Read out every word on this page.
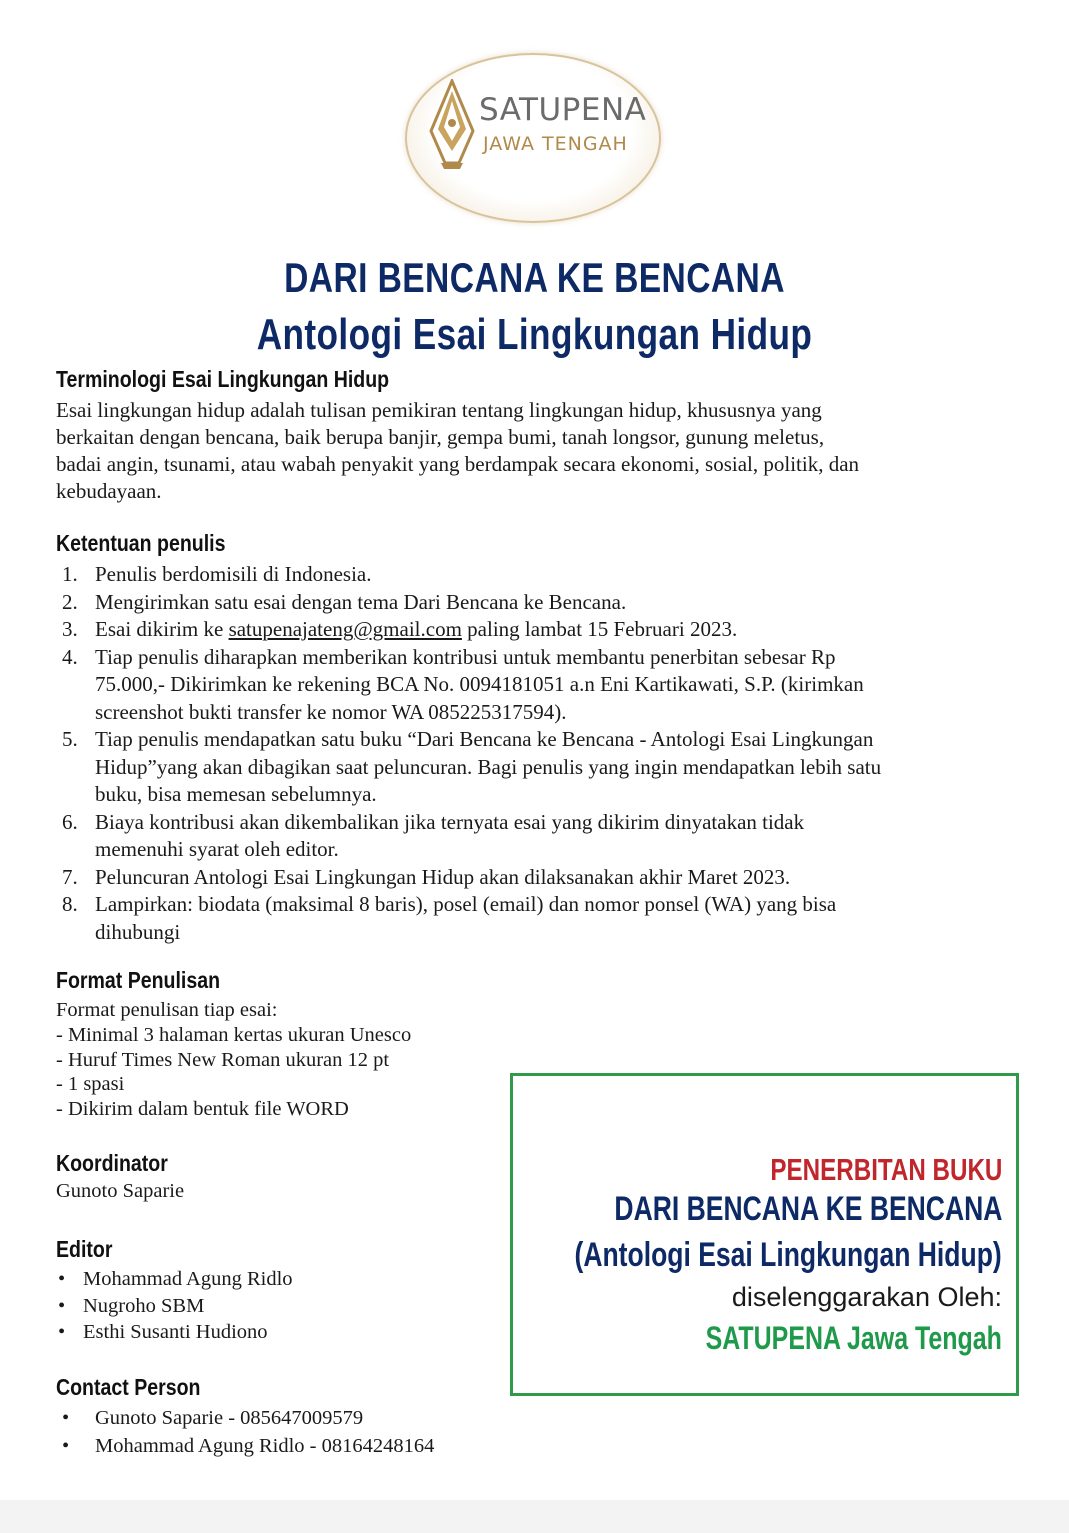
SATUPENA
JAWA TENGAH
DARI BENCANA KE BENCANA
Antologi Esai Lingkungan Hidup
Terminologi Esai Lingkungan Hidup
Esai lingkungan hidup adalah tulisan pemikiran tentang lingkungan hidup, khususnya yang
berkaitan dengan bencana, baik berupa banjir, gempa bumi, tanah longsor, gunung meletus,
badai angin, tsunami, atau wabah penyakit yang berdampak secara ekonomi, sosial, politik, dan
kebudayaan.
Ketentuan penulis
1. Penulis berdomisili di Indonesia.
2. Mengirimkan satu esai dengan tema Dari Bencana ke Bencana.
3. Esai dikirim ke satupenajateng@gmail.com paling lambat 15 Februari 2023.
4. Tiap penulis diharapkan memberikan kontribusi untuk membantu penerbitan sebesar Rp
75.000,- Dikirimkan ke rekening BCA No. 0094181051 a.n Eni Kartikawati, S.P. (kirimkan
screenshot bukti transfer ke nomor WA 085225317594).
5. Tiap penulis mendapatkan satu buku “Dari Bencana ke Bencana - Antologi Esai Lingkungan
Hidup”yang akan dibagikan saat peluncuran. Bagi penulis yang ingin mendapatkan lebih satu
buku, bisa memesan sebelumnya.
6. Biaya kontribusi akan dikembalikan jika ternyata esai yang dikirim dinyatakan tidak
memenuhi syarat oleh editor.
7. Peluncuran Antologi Esai Lingkungan Hidup akan dilaksanakan akhir Maret 2023.
8. Lampirkan: biodata (maksimal 8 baris), posel (email) dan nomor ponsel (WA) yang bisa
dihubungi
Format Penulisan
Format penulisan tiap esai:
- Minimal 3 halaman kertas ukuran Unesco
- Huruf Times New Roman ukuran 12 pt
- 1 spasi
- Dikirim dalam bentuk file WORD
Koordinator
Gunoto Saparie
Editor
• Mohammad Agung Ridlo
• Nugroho SBM
• Esthi Susanti Hudiono
Contact Person
• Gunoto Saparie - 085647009579
• Mohammad Agung Ridlo - 08164248164
PENERBITAN BUKU
DARI BENCANA KE BENCANA
(Antologi Esai Lingkungan Hidup)
diselenggarakan Oleh:
SATUPENA Jawa Tengah
